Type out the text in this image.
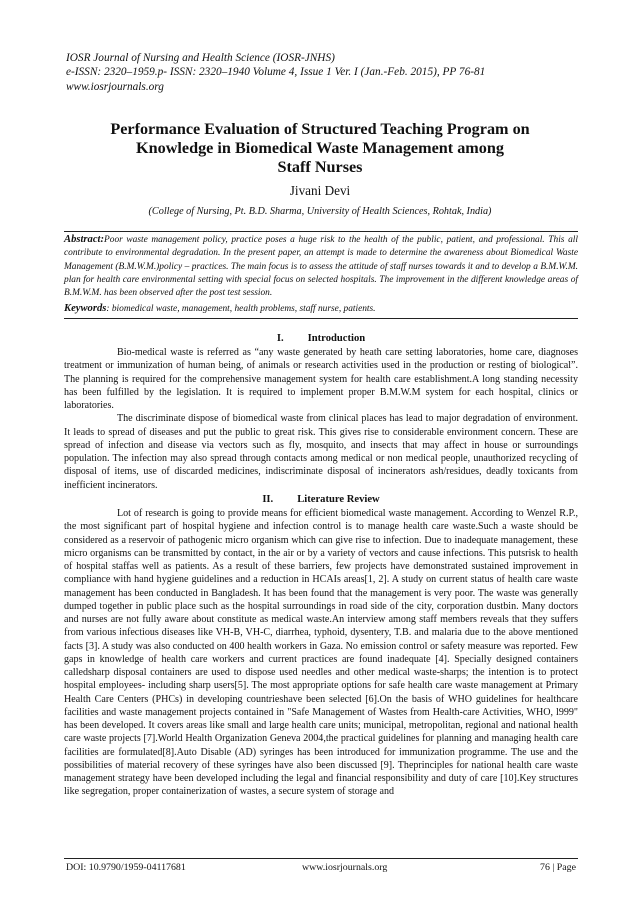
IOSR Journal of Nursing and Health Science (IOSR-JNHS)
e-ISSN: 2320–1959.p- ISSN: 2320–1940 Volume 4, Issue 1 Ver. I (Jan.-Feb. 2015), PP 76-81
www.iosrjournals.org
Performance Evaluation of Structured Teaching Program on
Knowledge in Biomedical Waste Management among
Staff Nurses
Jivani Devi
(College of Nursing, Pt. B.D. Sharma, University of Health Sciences, Rohtak, India)
Abstract:Poor waste management policy, practice poses a huge risk to the health of the public, patient, and professional. This all contribute to environmental degradation. In the present paper, an attempt is made to determine the awareness about Biomedical Waste Management (B.M.W.M.)policy – practices. The main focus is to assess the attitude of staff nurses towards it and to develop a B.M.W.M. plan for health care environmental setting with special focus on selected hospitals. The improvement in the different knowledge areas of B.M.W.M. has been observed after the post test session.
Keywords: biomedical waste, management, health problems, staff nurse, patients.
I. Introduction

Bio-medical waste is referred as “any waste generated by heath care setting laboratories, home care, diagnoses treatment or immunization of human being, of animals or research activities used in the production or resting of biological”. The planning is required for the comprehensive management system for health care establishment.A long standing necessity has been fulfilled by the legislation. It is required to implement proper B.M.W.M system for each hospital, clinics or laboratories.

The discriminate dispose of biomedical waste from clinical places has lead to major degradation of environment. It leads to spread of diseases and put the public to great risk. This gives rise to considerable environment concern. These are spread of infection and disease via vectors such as fly, mosquito, and insects that may affect in house or surroundings population. The infection may also spread through contacts among medical or non medical people, unauthorized recycling of disposal of items, use of discarded medicines, indiscriminate disposal of incinerators ash/residues, deadly toxicants from inefficient incinerators.

II. Literature Review

Lot of research is going to provide means for efficient biomedical waste management. According to Wenzel R.P., the most significant part of hospital hygiene and infection control is to manage health care waste.Such a waste should be considered as a reservoir of pathogenic micro organism which can give rise to infection. Due to inadequate management, these micro organisms can be transmitted by contact, in the air or by a variety of vectors and cause infections. This putsrisk to health of hospital staffas well as patients. As a result of these barriers, few projects have demonstrated sustained improvement in compliance with hand hygiene guidelines and a reduction in HCAIs areas[1, 2]. A study on current status of health care waste management has been conducted in Bangladesh. It has been found that the management is very poor. The waste was generally dumped together in public place such as the hospital surroundings in road side of the city, corporation dustbin. Many doctors and nurses are not fully aware about constitute as medical waste.An interview among staff members reveals that they suffers from various infectious diseases like VH-B, VH-C, diarrhea, typhoid, dysentery, T.B. and malaria due to the above mentioned facts [3]. A study was also conducted on 400 health workers in Gaza. No emission control or safety measure was reported. Few gaps in knowledge of health care workers and current practices are found inadequate [4]. Specially designed containers calledsharp disposal containers are used to dispose used needles and other medical waste-sharps; the intention is to protect hospital employees- including sharp users[5]. The most appropriate options for safe health care waste management at Primary Health Care Centers (PHCs) in developing countrieshave been selected [6].On the basis of WHO guidelines for healthcare facilities and waste management projects contained in "Safe Management of Wastes from Health-care Activities, WHO, l999" has been developed. It covers areas like small and large health care units; municipal, metropolitan, regional and national health care waste projects [7].World Health Organization Geneva 2004,the practical guidelines for planning and managing health care facilities are formulated[8].Auto Disable (AD) syringes has been introduced for immunization programme. The use and the possibilities of material recovery of these syringes have also been discussed [9]. Theprinciples for national health care waste management strategy have been developed including the legal and financial responsibility and duty of care [10].Key structures like segregation, proper containerization of wastes, a secure system of storage and

DOI: 10.9790/1959-04117681	www.iosrjournals.org	76 | Page
